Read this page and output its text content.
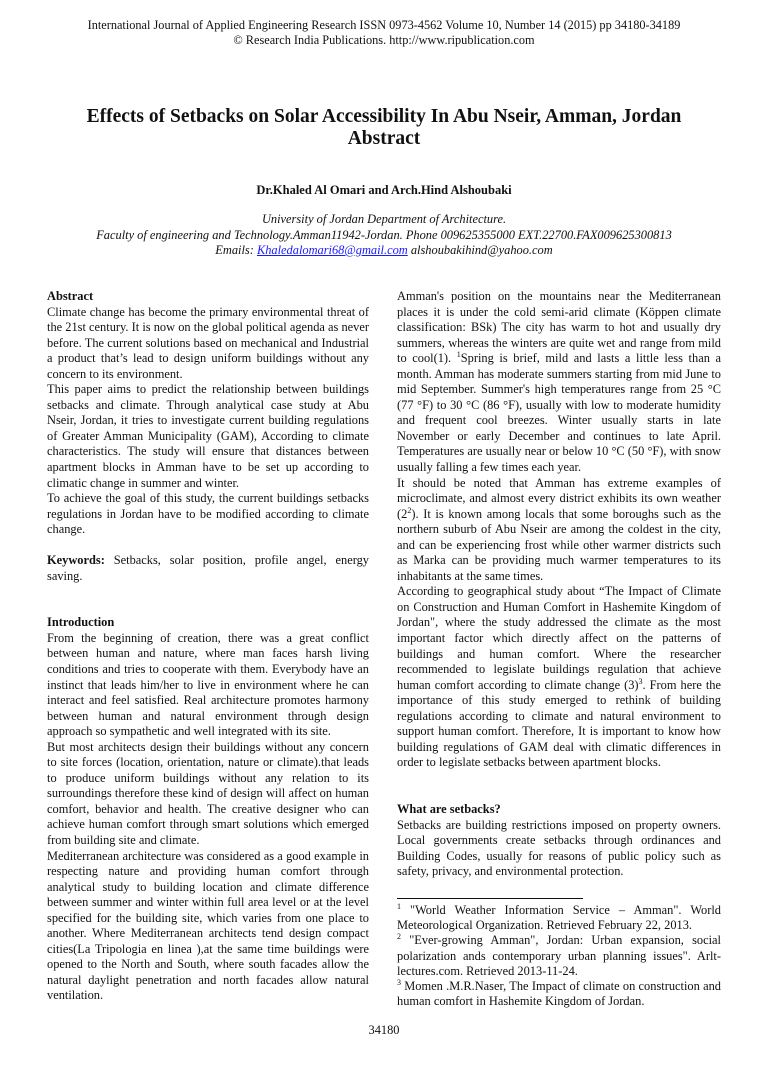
International Journal of Applied Engineering Research ISSN 0973-4562 Volume 10, Number 14 (2015) pp 34180-34189
© Research India Publications. http://www.ripublication.com
Effects of Setbacks on Solar Accessibility In Abu Nseir, Amman, Jordan
Abstract
Dr.Khaled Al Omari and Arch.Hind Alshoubaki
University of Jordan Department of Architecture.
Faculty of engineering and Technology.Amman11942-Jordan. Phone 009625355000 EXT.22700.FAX009625300813
Emails: Khaledalomari68@gmail.com alshoubakihind@yahoo.com

Abstract

Climate change has become the primary environmental threat of the 21st century. It is now on the global political agenda as never before. The current solutions based on mechanical and Industrial a product that’s lead to design uniform buildings without any concern to its environment.

This paper aims to predict the relationship between buildings setbacks and climate. Through analytical case study at Abu Nseir, Jordan, it tries to investigate current building regulations of Greater Amman Municipality (GAM), According to climate characteristics. The study will ensure that distances between apartment blocks in Amman have to be set up according to climatic change in summer and winter.

To achieve the goal of this study, the current buildings setbacks regulations in Jordan have to be modified according to climate change.

Keywords: Setbacks, solar position, profile angel, energy saving.

Introduction

From the beginning of creation, there was a great conflict between human and nature, where man faces harsh living conditions and tries to cooperate with them. Everybody have an instinct that leads him/her to live in environment where he can interact and feel satisfied. Real architecture promotes harmony between human and natural environment through design approach so sympathetic and well integrated with its site.

But most architects design their buildings without any concern to site forces (location, orientation, nature or climate).that leads to produce uniform buildings without any relation to its surroundings therefore these kind of design will affect on human comfort, behavior and health. The creative designer who can achieve human comfort through smart solutions which emerged from building site and climate.

Mediterranean architecture was considered as a good example in respecting nature and providing human comfort through analytical study to building location and climate difference between summer and winter within full area level or at the level specified for the building site, which varies from one place to another. Where Mediterranean architects tend design compact cities(La Tripologia en linea ),at the same time buildings were opened to the North and South, where south facades allow the natural daylight penetration and north facades allow natural ventilation.

Amman's position on the mountains near the Mediterranean places it is under the cold semi-arid climate (Köppen climate classification: BSk) The city has warm to hot and usually dry summers, whereas the winters are quite wet and range from mild to cool(1). $^1$Spring is brief, mild and lasts a little less than a month. Amman has moderate summers starting from mid June to mid September. Summer's high temperatures range from 25 °C (77 °F) to 30 °C (86 °F), usually with low to moderate humidity and frequent cool breezes. Winter usually starts in late November or early December and continues to late April. Temperatures are usually near or below 10 °C (50 °F), with snow usually falling a few times each year.

It should be noted that Amman has extreme examples of microclimate, and almost every district exhibits its own weather $(2^2)$. It is known among locals that some boroughs such as the northern suburb of Abu Nseir are among the coldest in the city, and can be experiencing frost while other warmer districts such as Marka can be providing much warmer temperatures to its inhabitants at the same times.

According to geographical study about “The Impact of Climate on Construction and Human Comfort in Hashemite Kingdom of Jordan", where the study addressed the climate as the most important factor which directly affect on the patterns of buildings and human comfort. Where the researcher recommended to legislate buildings regulation that achieve human comfort according to climate change $(3)^3$. From here the importance of this study emerged to rethink of building regulations according to climate and natural environment to support human comfort. Therefore, It is important to know how building regulations of GAM deal with climatic differences in order to legislate setbacks between apartment blocks.

What are setbacks?

Setbacks are building restrictions imposed on property owners. Local governments create setbacks through ordinances and Building Codes, usually for reasons of public policy such as safety, privacy, and environmental protection.

$^1$ "World Weather Information Service – Amman". World Meteorological Organization. Retrieved February 22, 2013.

$^2$ "Ever-growing Amman", Jordan: Urban expansion, social polarization ands contemporary urban planning issues". Arlt-lectures.com. Retrieved 2013-11-24.

$^3$ Momen .M.R.Naser, The Impact of climate on construction and human comfort in Hashemite Kingdom of Jordan.

34180
